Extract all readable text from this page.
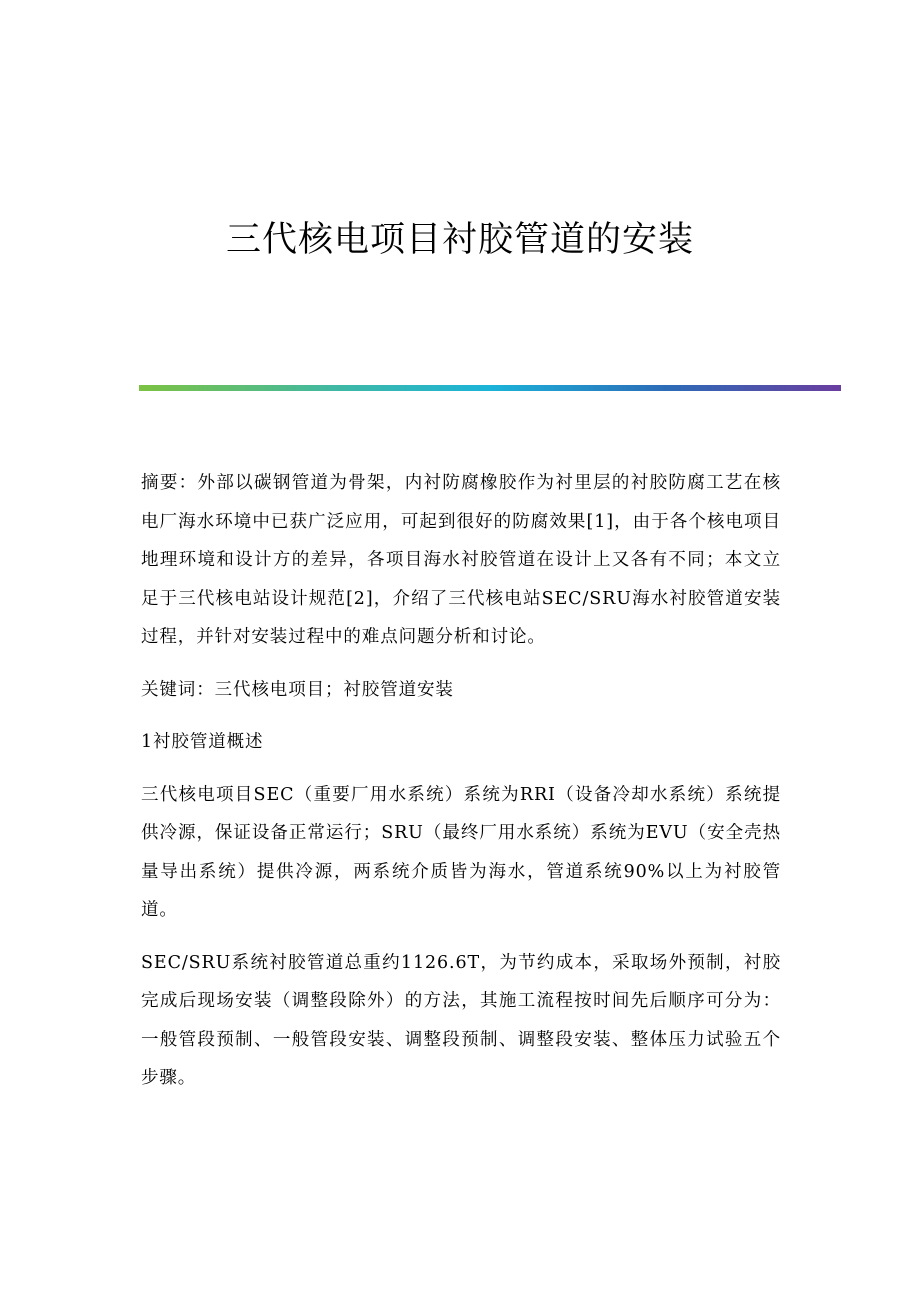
三代核电项目衬胶管道的安装

摘要：外部以碳钢管道为骨架，内衬防腐橡胶作为衬里层的衬胶防腐工艺在核电厂海水环境中已获广泛应用，可起到很好的防腐效果[1]，由于各个核电项目地理环境和设计方的差异，各项目海水衬胶管道在设计上又各有不同；本文立足于三代核电站设计规范[2]，介绍了三代核电站SEC/SRU海水衬胶管道安装过程，并针对安装过程中的难点问题分析和讨论。

关键词：三代核电项目；衬胶管道安装

1衬胶管道概述

三代核电项目SEC（重要厂用水系统）系统为RRI（设备冷却水系统）系统提供冷源，保证设备正常运行；SRU（最终厂用水系统）系统为EVU（安全壳热量导出系统）提供冷源，两系统介质皆为海水，管道系统90%以上为衬胶管道。

SEC/SRU系统衬胶管道总重约1126.6T，为节约成本，采取场外预制，衬胶完成后现场安装（调整段除外）的方法，其施工流程按时间先后顺序可分为：一般管段预制、一般管段安装、调整段预制、调整段安装、整体压力试验五个步骤。
